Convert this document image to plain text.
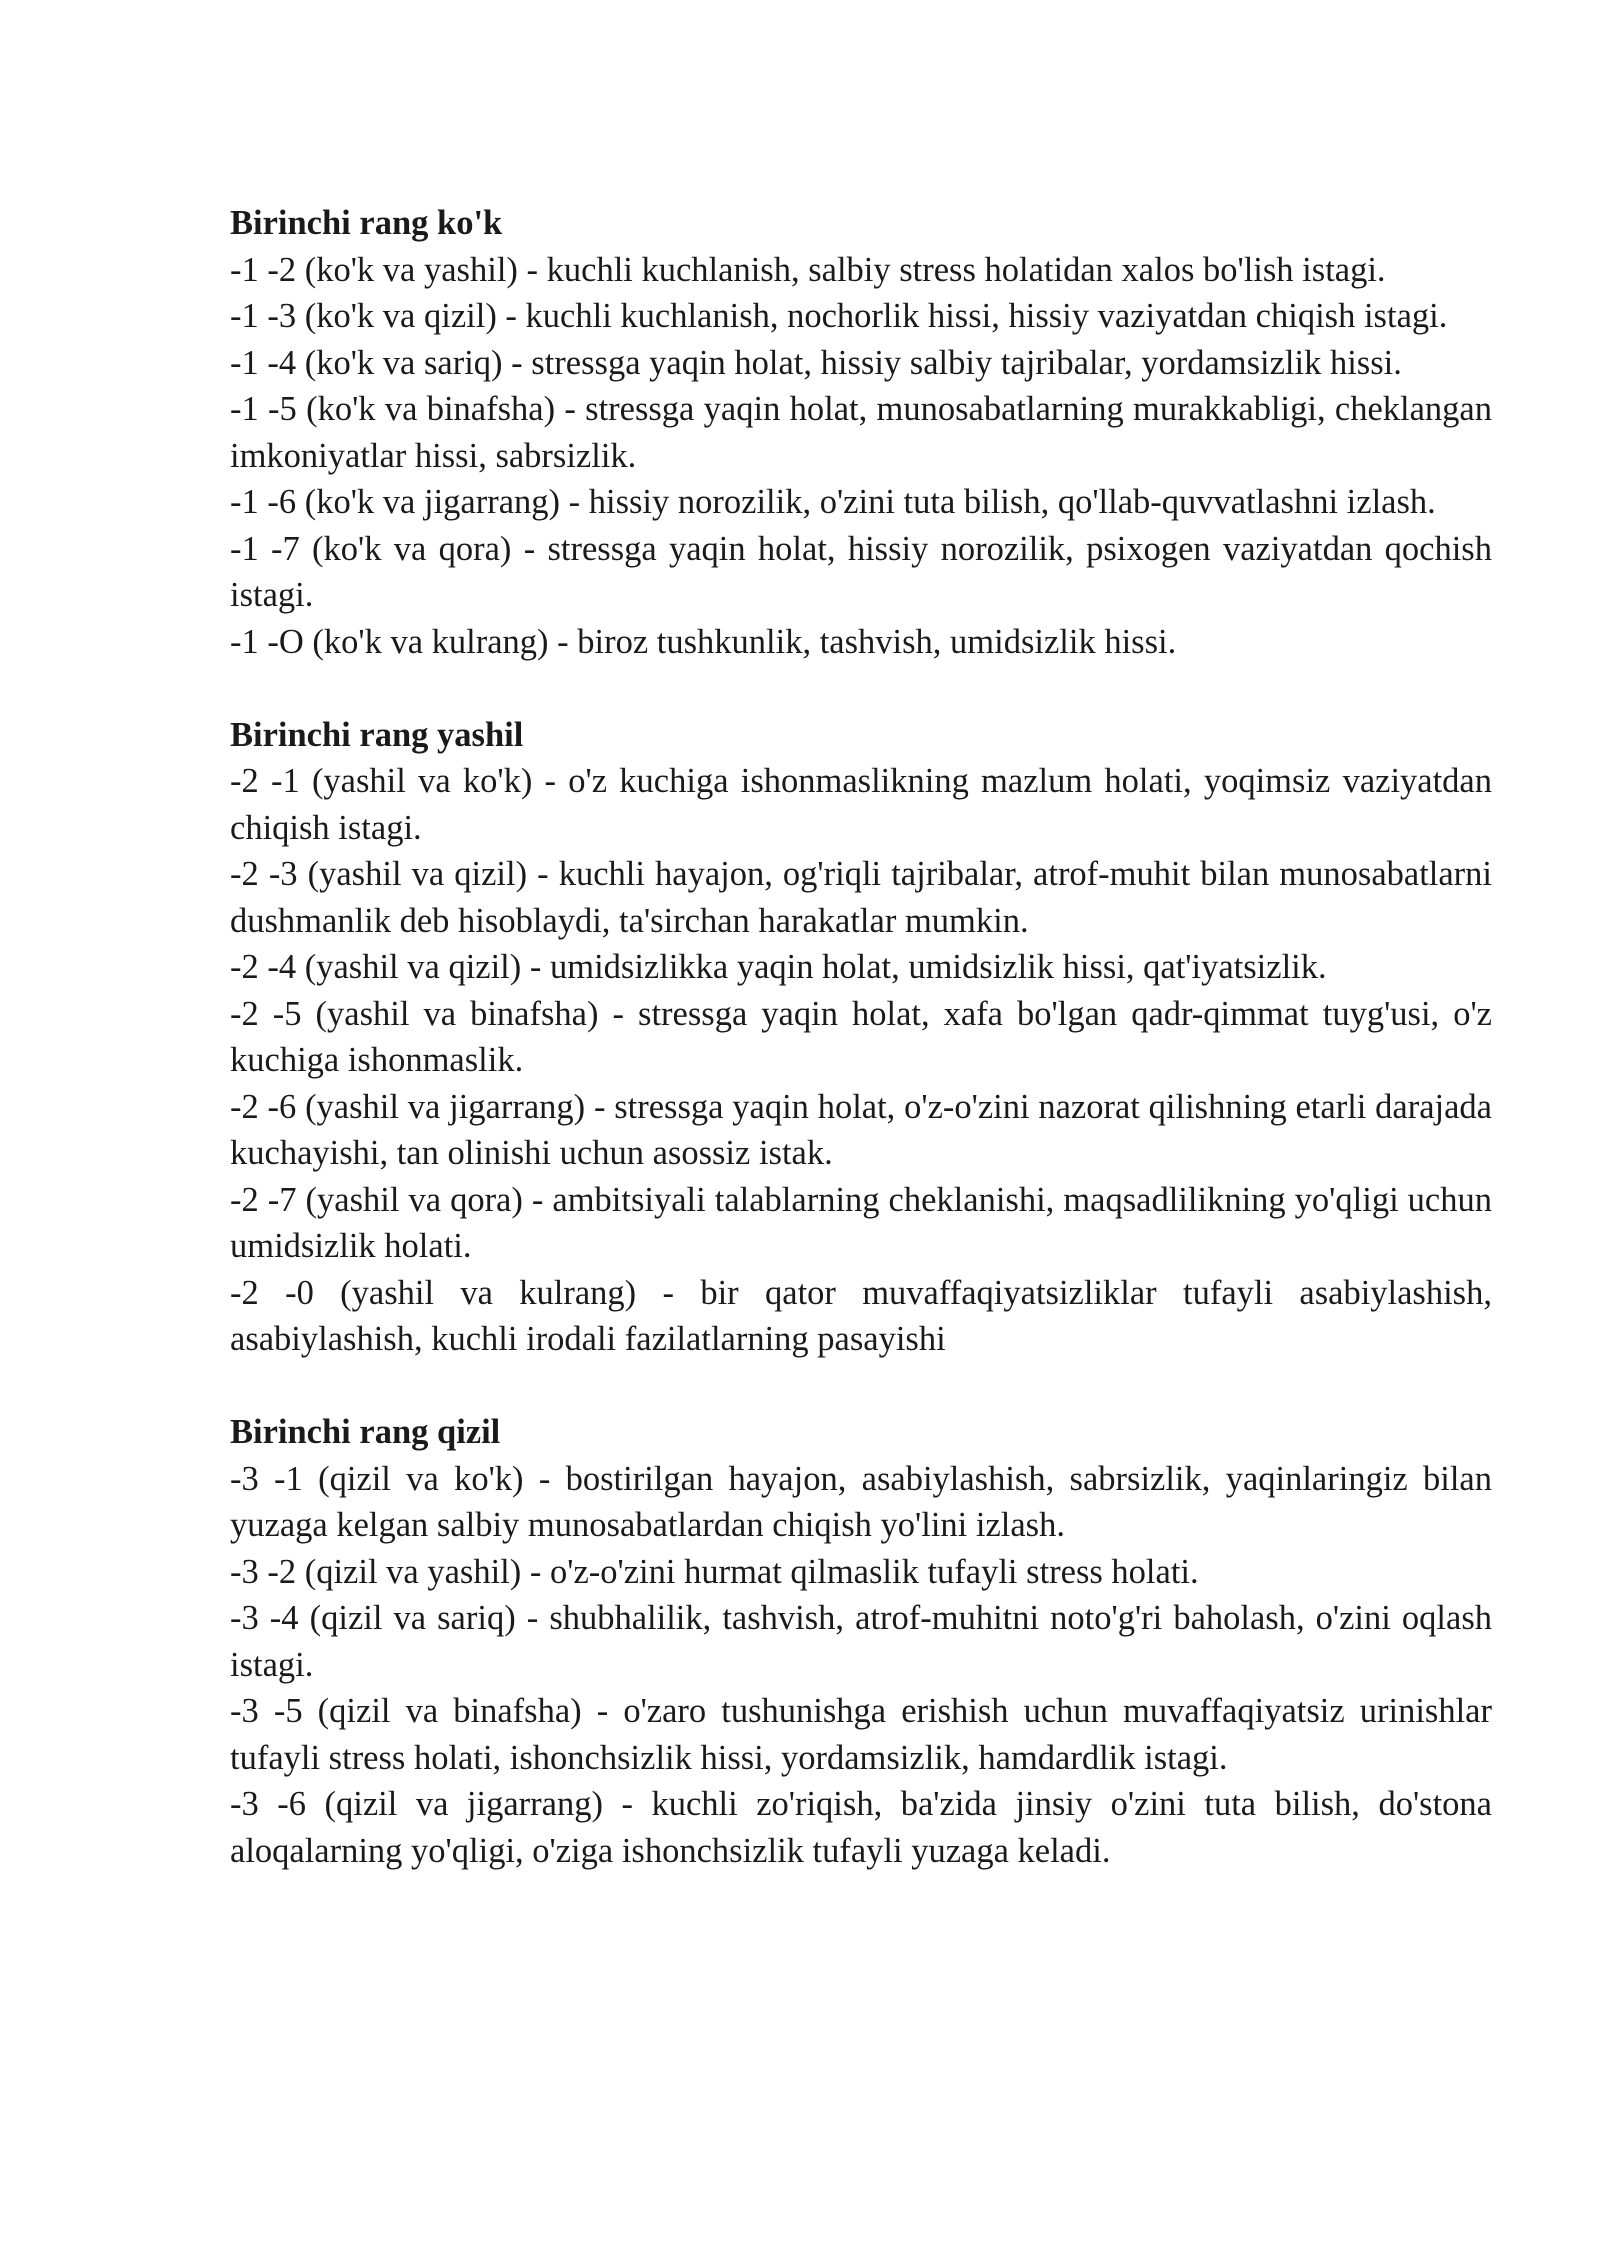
Birinchi rang ko'k

-1 -2 (ko'k va yashil) - kuchli kuchlanish, salbiy stress holatidan xalos bo'lish istagi.

-1 -3 (ko'k va qizil) - kuchli kuchlanish, nochorlik hissi, hissiy vaziyatdan chiqish istagi.

-1 -4 (ko'k va sariq) - stressga yaqin holat, hissiy salbiy tajribalar, yordamsizlik hissi.

-1 -5 (ko'k va binafsha) - stressga yaqin holat, munosabatlarning murakkabligi, cheklangan imkoniyatlar hissi, sabrsizlik.

-1 -6 (ko'k va jigarrang) - hissiy norozilik, o'zini tuta bilish, qo'llab-quvvatlashni izlash.

-1 -7 (ko'k va qora) - stressga yaqin holat, hissiy norozilik, psixogen vaziyatdan qochish istagi.

-1 -O (ko'k va kulrang) - biroz tushkunlik, tashvish, umidsizlik hissi.

Birinchi rang yashil

-2 -1 (yashil va ko'k) - o'z kuchiga ishonmaslikning mazlum holati, yoqimsiz vaziyatdan chiqish istagi.

-2 -3 (yashil va qizil) - kuchli hayajon, og'riqli tajribalar, atrof-muhit bilan munosabatlarni dushmanlik deb hisoblaydi, ta'sirchan harakatlar mumkin.

-2 -4 (yashil va qizil) - umidsizlikka yaqin holat, umidsizlik hissi, qat'iyatsizlik.

-2 -5 (yashil va binafsha) - stressga yaqin holat, xafa bo'lgan qadr-qimmat tuyg'usi, o'z kuchiga ishonmaslik.

-2 -6 (yashil va jigarrang) - stressga yaqin holat, o'z-o'zini nazorat qilishning etarli darajada kuchayishi, tan olinishi uchun asossiz istak.

-2 -7 (yashil va qora) - ambitsiyali talablarning cheklanishi, maqsadlilikning yo'qligi uchun umidsizlik holati.

-2 -0 (yashil va kulrang) - bir qator muvaffaqiyatsizliklar tufayli asabiylashish, asabiylashish, kuchli irodali fazilatlarning pasayishi

Birinchi rang qizil

-3 -1 (qizil va ko'k) - bostirilgan hayajon, asabiylashish, sabrsizlik, yaqinlaringiz bilan yuzaga kelgan salbiy munosabatlardan chiqish yo'lini izlash.

-3 -2 (qizil va yashil) - o'z-o'zini hurmat qilmaslik tufayli stress holati.

-3 -4 (qizil va sariq) - shubhalilik, tashvish, atrof-muhitni noto'g'ri baholash, o'zini oqlash istagi.

-3 -5 (qizil va binafsha) - o'zaro tushunishga erishish uchun muvaffaqiyatsiz urinishlar tufayli stress holati, ishonchsizlik hissi, yordamsizlik, hamdardlik istagi.

-3 -6 (qizil va jigarrang) - kuchli zo'riqish, ba'zida jinsiy o'zini tuta bilish, do'stona aloqalarning yo'qligi, o'ziga ishonchsizlik tufayli yuzaga keladi.
